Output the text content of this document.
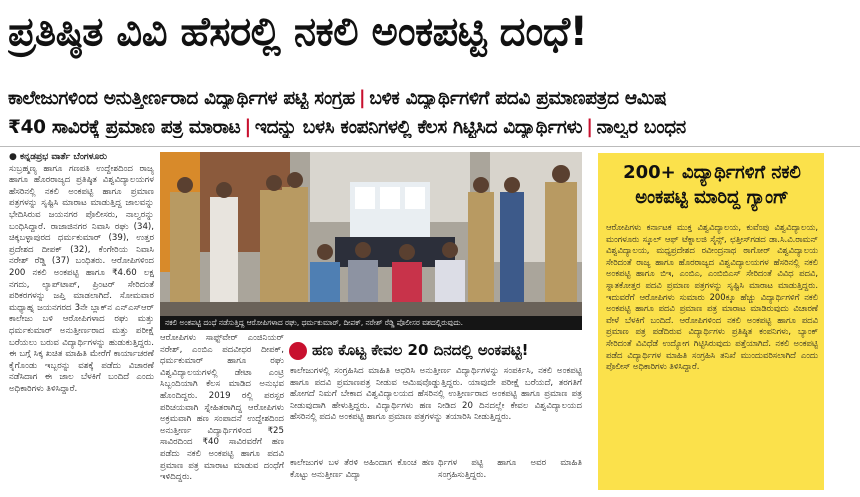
ಪ್ರತಿಷ್ಠಿತ ವಿವಿ ಹೆಸರಲ್ಲಿ ನಕಲಿ ಅಂಕಪಟ್ಟಿ ದಂಧೆ!
ಕಾಲೇಜುಗಳಿಂದ ಅನುತ್ತೀರ್ಣರಾದ ವಿದ್ಯಾರ್ಥಿಗಳ ಪಟ್ಟಿ ಸಂಗ್ರಹ | ಬಳಿಕ ವಿದ್ಯಾರ್ಥಿಗಳಿಗೆ ಪದವಿ ಪ್ರಮಾಣಪತ್ರದ ಆಮಿಷ
₹40 ಸಾವಿರಕ್ಕೆ ಪ್ರಮಾಣ ಪತ್ರ ಮಾರಾಟ | ಇದನ್ನು ಬಳಸಿ ಕಂಪನಿಗಳಲ್ಲಿ ಕೆಲಸ ಗಿಟ್ಟಿಸಿದ ವಿದ್ಯಾರ್ಥಿಗಳು | ನಾಲ್ವರ ಬಂಧನ

● ಕನ್ನಡಪ್ರಭ ವಾರ್ತೆ ಬೆಂಗಳೂರು

ಸುಬ್ರಹ್ಮಣ್ಯ ಹಾಗೂ ಗಣಪತಿ ಉದ್ದೇಶದಿಂದ ರಾಜ್ಯ ಹಾಗೂ ಹೊರರಾಜ್ಯದ ಪ್ರತಿಷ್ಠಿತ ವಿಶ್ವವಿದ್ಯಾಲಯಗಳ ಹೆಸರಿನಲ್ಲಿ ನಕಲಿ ಅಂಕಪಟ್ಟಿ ಹಾಗೂ ಪ್ರಮಾಣ ಪತ್ರಗಳನ್ನು ಸೃಷ್ಟಿಸಿ ಮಾರಾಟ ಮಾಡುತ್ತಿದ್ದ ಜಾಲವನ್ನು ಭೇದಿಸಿರುವ ಜಯನಗರ ಪೊಲೀಸರು, ನಾಲ್ವರನ್ನು ಬಂಧಿಸಿದ್ದಾರೆ. ರಾಜಾಜಿನಗರ ನಿವಾಸಿ ರಘು (34), ಚಿಕ್ಕಬಳ್ಳಾಪುರದ ಧರ್ಮಕುಮಾರ್ (39), ಉತ್ತರ ಪ್ರದೇಶದ ದೀಪಕ್ (32), ಕೆಂಗೇರಿಯ ನಿವಾಸಿ ನರೇಶ್ ರೆಡ್ಡಿ (37) ಬಂಧಿತರು. ಆರೋಪಿಗಳಿಂದ 200 ನಕಲಿ ಅಂಕಪಟ್ಟಿ ಹಾಗೂ ₹4.60 ಲಕ್ಷ ನಗದು, ಲ್ಯಾಪ್‌ಟಾಪ್, ಪ್ರಿಂಟರ್ ಸೇರಿದಂತೆ ಪರಿಕರಗಳನ್ನು ಜಪ್ತಿ ಮಾಡಲಾಗಿದೆ. ಸೋಮವಾರ ಮಧ್ಯಾಹ್ನ ಜಯನಗರದ 3ನೇ ಬ್ಲಾಕ್‌ನ ಎನ್‌ಎಸ್‌ಆರ್ ಕಾಲೇಜು ಬಳಿ ಆರೋಪಿಗಳಾದ ರಘು ಮತ್ತು ಧರ್ಮಕುಮಾರ್ ಅನುತ್ತೀರ್ಣರಾದ ಮತ್ತು ಪರೀಕ್ಷೆ ಬರೆಯಲು ಬರುವ ವಿದ್ಯಾರ್ಥಿಗಳನ್ನು ಹುಡುಕುತ್ತಿದ್ದರು. ಈ ಬಗ್ಗೆ ಸಿಕ್ಕ ಖಚಿತ ಮಾಹಿತಿ ಮೇರೆಗೆ ಕಾರ್ಯಾಚರಣೆ ಕೈಗೊಂಡು ಇಬ್ಬರನ್ನು ವಶಕ್ಕೆ ಪಡೆದು ವಿಚಾರಣೆ ನಡೆಸಿದಾಗ ಈ ಜಾಲ ಬೆಳಕಿಗೆ ಬಂದಿದೆ ಎಂದು ಅಧಿಕಾರಿಗಳು ತಿಳಿಸಿದ್ದಾರೆ.

ನಕಲಿ ಅಂಕಪಟ್ಟಿ ದಂಧೆ ನಡೆಸುತ್ತಿದ್ದ ಆರೋಪಿಗಳಾದ ರಘು, ಧರ್ಮಕುಮಾರ್, ದೀಪಕ್, ನರೇಶ್ ರೆಡ್ಡಿ ಪೊಲೀಸರ ವಶದಲ್ಲಿರುವುದು.

ಆರೋಪಿಗಳು ಸಾಫ್ಟ್‌ವೇರ್ ಎಂಜಿನಿಯರ್ ನರೇಶ್, ಎಂಬಿಎ ಪದವೀಧರ ದೀಪಕ್, ಧರ್ಮಕುಮಾರ್ ಹಾಗೂ ರಘು ವಿಶ್ವವಿದ್ಯಾಲಯಗಳಲ್ಲಿ ಡೇಟಾ ಎಂಟ್ರಿ ಸಿಬ್ಬಂದಿಯಾಗಿ ಕೆಲಸ ಮಾಡಿದ ಅನುಭವ ಹೊಂದಿದ್ದರು. 2019 ರಲ್ಲಿ ಪರಸ್ಪರ ಪರಿಚಯವಾಗಿ ಸ್ನೇಹಿತರಾಗಿದ್ದ ಆರೋಪಿಗಳು ಅಕ್ರಮವಾಗಿ ಹಣ ಸಂಪಾದನೆ ಉದ್ದೇಶದಿಂದ ಅನುತ್ತೀರ್ಣ ವಿದ್ಯಾರ್ಥಿಗಳಿಂದ ₹25 ಸಾವಿರದಿಂದ ₹40 ಸಾವಿರವರೆಗೆ ಹಣ ಪಡೆದು ನಕಲಿ ಅಂಕಪಟ್ಟಿ ಹಾಗೂ ಪದವಿ ಪ್ರಮಾಣ ಪತ್ರ ಮಾರಾಟ ಮಾಡುವ ದಂಧೆಗೆ ಇಳಿದಿದ್ದರು.

ಹಣ ಕೊಟ್ಟ ಕೇವಲ 20 ದಿನದಲ್ಲಿ ಅಂಕಪಟ್ಟಿ!

ಕಾಲೇಜುಗಳಲ್ಲಿ ಸಂಗ್ರಹಿಸಿದ ಮಾಹಿತಿ ಆಧರಿಸಿ ಅನುತ್ತೀರ್ಣ ವಿದ್ಯಾರ್ಥಿಗಳನ್ನು ಸಂಪರ್ಕಿಸಿ, ನಕಲಿ ಅಂಕಪಟ್ಟಿ ಹಾಗೂ ಪದವಿ ಪ್ರಮಾಣಪತ್ರ ನೀಡುವ ಆಮಿಷವೊಡ್ಡುತ್ತಿದ್ದರು. ಯಾವುದೇ ಪರೀಕ್ಷೆ ಬರೆಯದೆ, ತರಗತಿಗೆ ಹೋಗದೆ ನಿಮಗೆ ಬೇಕಾದ ವಿಶ್ವವಿದ್ಯಾಲಯದ ಹೆಸರಿನಲ್ಲಿ ಉತ್ತೀರ್ಣರಾದ ಅಂಕಪಟ್ಟಿ ಹಾಗೂ ಪ್ರಮಾಣ ಪತ್ರ ನೀಡುವುದಾಗಿ ಹೇಳುತ್ತಿದ್ದರು. ವಿದ್ಯಾರ್ಥಿಗಳು ಹಣ ನೀಡಿದ 20 ದಿನದಲ್ಲೇ ಕೇವಲ ವಿಶ್ವವಿದ್ಯಾಲಯದ ಹೆಸರಿನಲ್ಲಿ ಪದವಿ ಅಂಕಪಟ್ಟಿ ಹಾಗೂ ಪ್ರಮಾಣ ಪತ್ರಗಳನ್ನು ತಯಾರಿಸಿ ನೀಡುತ್ತಿದ್ದರು.

ಕಾಲೇಜುಗಳ ಬಳ ತೆರಳಿ ಅಹಿಂದಾಗ ಕೊಂಚ ಹಣ ಕೊಟ್ಟು ಅನುತ್ತೀರ್ಣ ವಿದ್ಯಾ

ರ್ಥಿಗಳ ಪಟ್ಟಿ ಹಾಗೂ ಅವರ ಮಾಹಿತಿ ಸಂಗ್ರಹಿಸುತ್ತಿದ್ದರು.

200+ ವಿದ್ಯಾರ್ಥಿಗಳಿಗೆ ನಕಲಿ ಅಂಕಪಟ್ಟಿ ಮಾರಿದ್ದ ಗ್ಯಾಂಗ್

ಆರೋಪಿಗಳು ಕರ್ನಾಟಕ ಮುಕ್ತ ವಿಶ್ವವಿದ್ಯಾಲಯ, ಕುವೆಂಪು ವಿಶ್ವವಿದ್ಯಾಲಯ, ಮಂಗಳೂರು ಸ್ಕೂಲ್ ಆಫ್ ಟೆಕ್ನಾಲಜಿ ಸೈನ್ಸ್, ಛತ್ತೀಸ್‌ಗಡದ ಡಾ.ಸಿ.ವಿ.ರಾಮನ್ ವಿಶ್ವವಿದ್ಯಾಲಯ, ಮಧ್ಯಪ್ರದೇಶದ ರವೀಂದ್ರನಾಥ ಠಾಗೋರ್ ವಿಶ್ವವಿದ್ಯಾಲಯ ಸೇರಿದಂತೆ ರಾಜ್ಯ ಹಾಗೂ ಹೊರರಾಜ್ಯದ ವಿಶ್ವವಿದ್ಯಾಲಯಗಳ ಹೆಸರಿನಲ್ಲಿ ನಕಲಿ ಅಂಕಪಟ್ಟಿ ಹಾಗೂ ಬಿಇ, ಎಂಬಿಎ, ಎಂಬಿಬಿಎಸ್ ಸೇರಿದಂತೆ ವಿವಿಧ ಪದವಿ, ಸ್ನಾತಕೋತ್ತರ ಪದವಿ ಪ್ರಮಾಣ ಪತ್ರಗಳನ್ನು ಸೃಷ್ಟಿಸಿ ಮಾರಾಟ ಮಾಡುತ್ತಿದ್ದರು. ಇದುವರೆಗೆ ಆರೋಪಿಗಳು ಸುಮಾರು 200ಕ್ಕೂ ಹೆಚ್ಚು ವಿದ್ಯಾರ್ಥಿಗಳಿಗೆ ನಕಲಿ ಅಂಕಪಟ್ಟಿ ಹಾಗೂ ಪದವಿ ಪ್ರಮಾಣ ಪತ್ರ ಮಾರಾಟ ಮಾಡಿರುವುದು ವಿಚಾರಣೆ ವೇಳೆ ಬೆಳಕಿಗೆ ಬಂದಿದೆ. ಆರೋಪಿಗಳಿಂದ ನಕಲಿ ಅಂಕಪಟ್ಟಿ ಹಾಗೂ ಪದವಿ ಪ್ರಮಾಣ ಪತ್ರ ಪಡೆದಿರುವ ವಿದ್ಯಾರ್ಥಿಗಳು ಪ್ರತಿಷ್ಠಿತ ಕಂಪನಿಗಳು, ಬ್ಯಾಂಕ್ ಸೇರಿದಂತೆ ವಿವಿಧೆಡೆ ಉದ್ಯೋಗ ಗಿಟ್ಟಿಸಿರುವುದು ಪತ್ತೆಯಾಗಿದೆ. ನಕಲಿ ಅಂಕಪಟ್ಟಿ ಪಡೆದ ವಿದ್ಯಾರ್ಥಿಗಳ ಮಾಹಿತಿ ಸಂಗ್ರಹಿಸಿ ತನಿಖೆ ಮುಂದುವರಿಸಲಾಗಿದೆ ಎಂದು ಪೊಲೀಸ್ ಅಧಿಕಾರಿಗಳು ತಿಳಿಸಿದ್ದಾರೆ.
